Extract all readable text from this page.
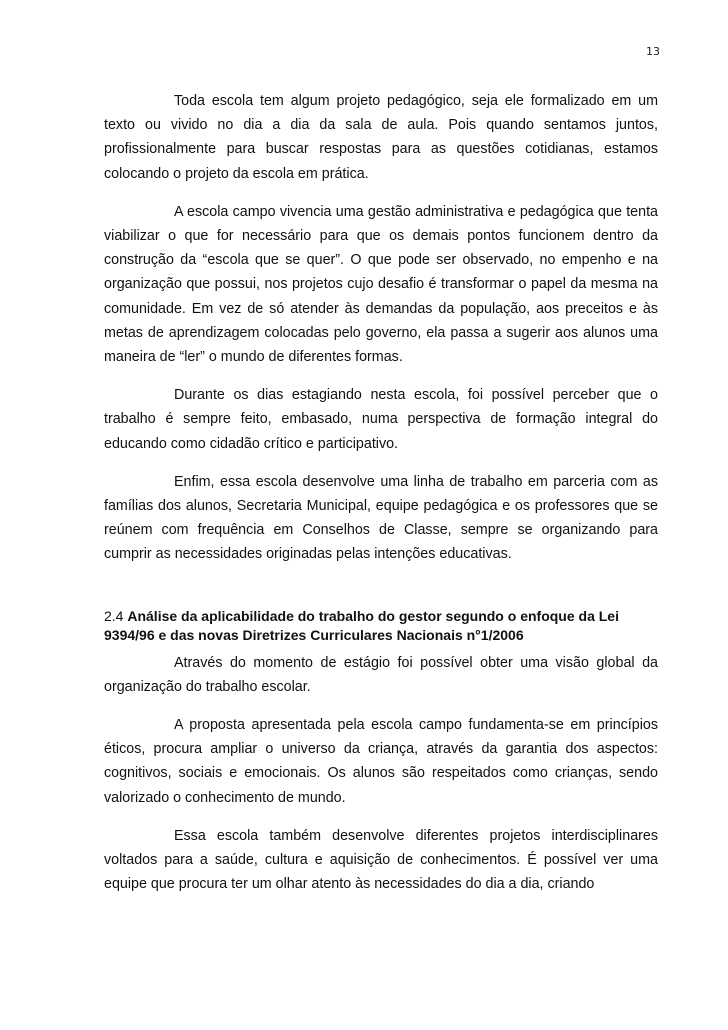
13

Toda escola tem algum projeto pedagógico, seja ele formalizado em um texto ou vivido no dia a dia da sala de aula. Pois quando sentamos juntos, profissionalmente para buscar respostas para as questões cotidianas, estamos colocando o projeto da escola em prática.

A escola campo vivencia uma gestão administrativa e pedagógica que tenta viabilizar o que for necessário para que os demais pontos funcionem dentro da construção da “escola que se quer”. O que pode ser observado, no empenho e na organização que possui, nos projetos cujo desafio é transformar o papel da mesma na comunidade. Em vez de só atender às demandas da população, aos preceitos e às metas de aprendizagem colocadas pelo governo, ela passa a sugerir aos alunos uma maneira de “ler” o mundo de diferentes formas.

Durante os dias estagiando nesta escola, foi possível perceber que o trabalho é sempre feito, embasado, numa perspectiva de formação integral do educando como cidadão crítico e participativo.

Enfim, essa escola desenvolve uma linha de trabalho em parceria com as famílias dos alunos, Secretaria Municipal, equipe pedagógica e os professores que se reúnem com frequência em Conselhos de Classe, sempre se organizando para cumprir as necessidades originadas pelas intenções educativas.

2.4 Análise da aplicabilidade do trabalho do gestor segundo o enfoque da Lei 9394/96 e das novas Diretrizes Curriculares Nacionais n°1/2006

Através do momento de estágio foi possível obter uma visão global da organização do trabalho escolar.

A proposta apresentada pela escola campo fundamenta-se em princípios éticos, procura ampliar o universo da criança, através da garantia dos aspectos: cognitivos, sociais e emocionais. Os alunos são respeitados como crianças, sendo valorizado o conhecimento de mundo.

Essa escola também desenvolve diferentes projetos interdisciplinares voltados para a saúde, cultura e aquisição de conhecimentos. É possível ver uma equipe que procura ter um olhar atento às necessidades do dia a dia, criando
